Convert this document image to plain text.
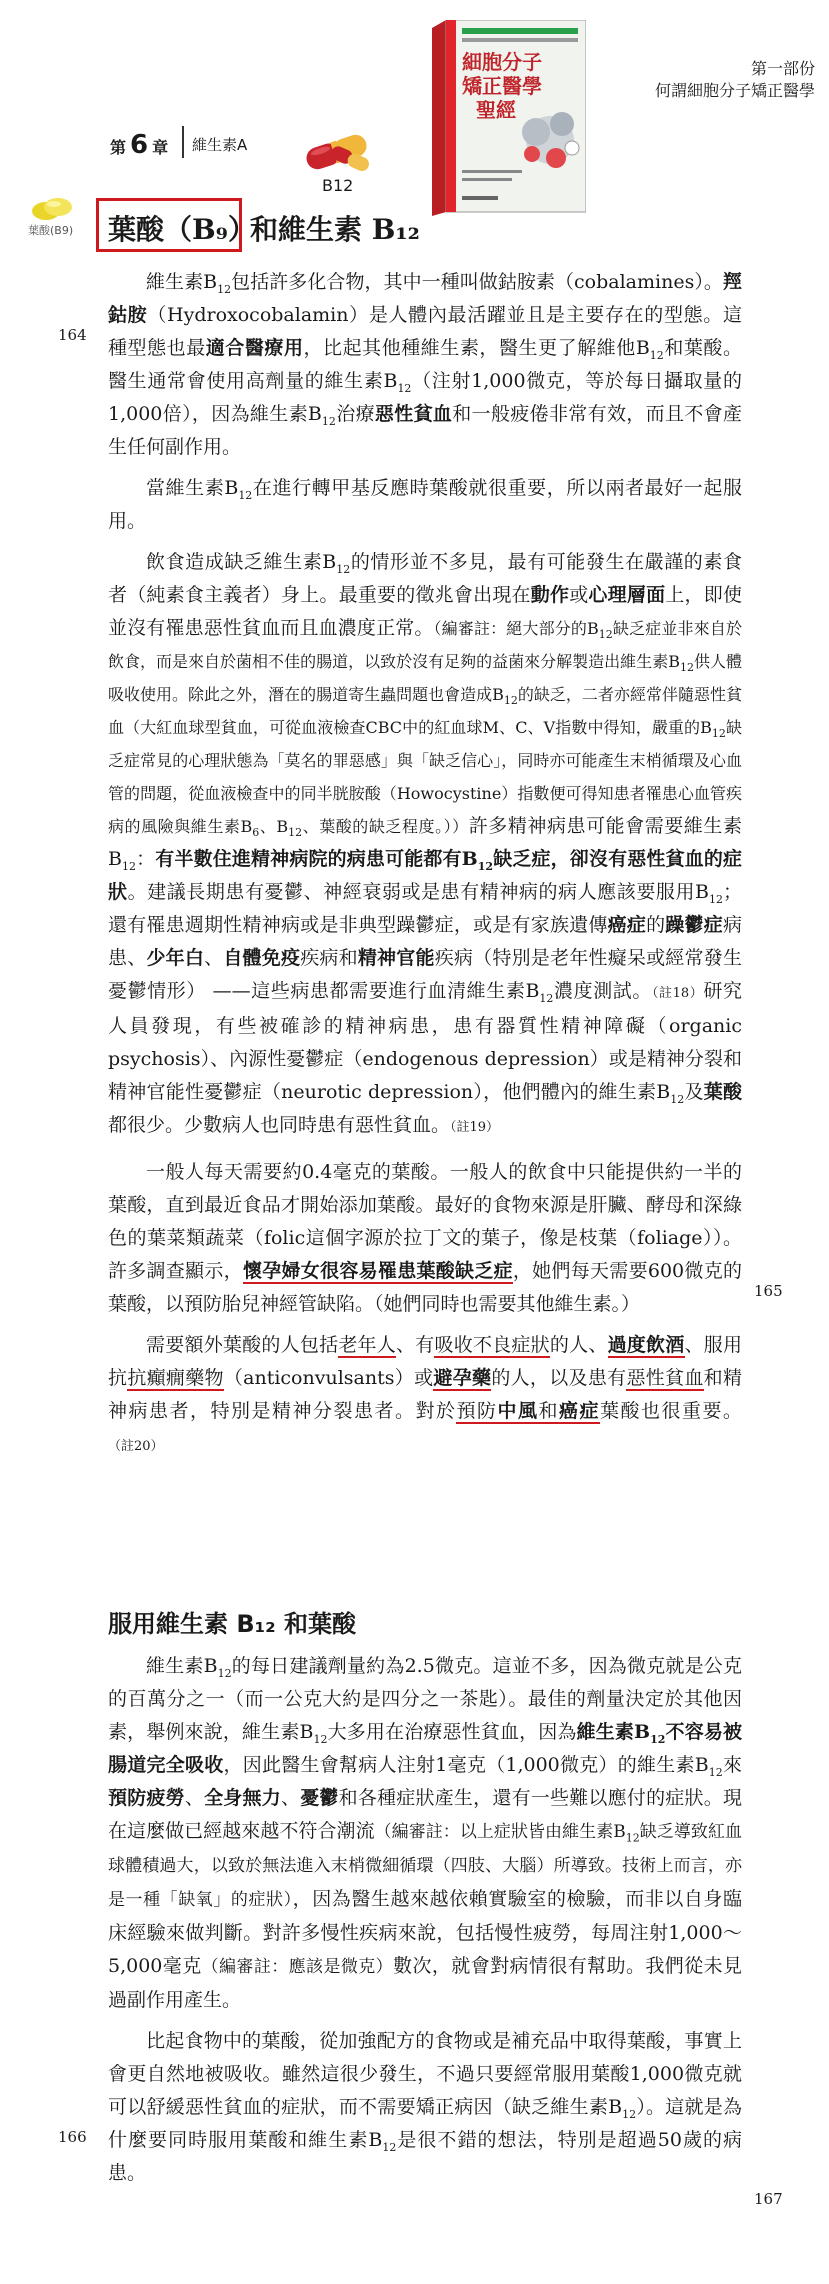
第 6 章 維生素A
第一部份
何謂細胞分子矯正醫學
B12
葉酸(B9)
細胞分子
矯正醫學
聖經
葉酸（B₉）
和維生素 B₁₂
164
165
166
167

維生素$B_{12}$包括許多化合物，其中一種叫做鈷胺素（cobalamines）。羥鈷胺（Hydroxocobalamin）是人體內最活躍並且是主要存在的型態。這種型態也最適合醫療用，比起其他種維生素，醫生更了解維他$B_{12}$和葉酸。 醫生通常會使用高劑量的維生素$B_{12}$（注射1,000微克，等於每日攝取量的1,000倍），因為維生素$B_{12}$治療惡性貧血和一般疲倦非常有效，而且不會產生任何副作用。

當維生素$B_{12}$在進行轉甲基反應時葉酸就很重要，所以兩者最好一起服用。

飲食造成缺乏維生素$B_{12}$的情形並不多見，最有可能發生在嚴謹的素食者（純素食主義者）身上。最重要的徵兆會出現在動作或心理層面上，即使並沒有罹患惡性貧血而且血濃度正常。（編審註：絕大部分的$B_{12}$缺乏症並非來自於飲食，而是來自於菌相不佳的腸道，以致於沒有足夠的益菌來分解製造出維生素$B_{12}$供人體吸收使用。除此之外，潛在的腸道寄生蟲問題也會造成$B_{12}$的缺乏，二者亦經常伴隨惡性貧血（大紅血球型貧血，可從血液檢查CBC中的紅血球M、C、V指數中得知，嚴重的$B_{12}$缺乏症常見的心理狀態為「莫名的罪惡感」與「缺乏信心」，同時亦可能產生末梢循環及心血管的問題，從血液檢查中的同半胱胺酸（Howocystine）指數便可得知患者罹患心血管疾病的風險與維生素$B_6$、$B_{12}$、葉酸的缺乏程度。））許多精神病患可能會需要維生素$B_{12}$：有半數住進精神病院的病患可能都有$B_{12}$缺乏症，卻沒有惡性貧血的症狀。建議長期患有憂鬱、神經衰弱或是患有精神病的病人應該要服用$B_{12}$；還有罹患週期性精神病或是非典型躁鬱症，或是有家族遺傳癌症的躁鬱症病患、少年白、自體免疫疾病和精神官能疾病（特別是老年性癡呆或經常發生憂鬱情形） ——這些病患都需要進行血清維生素$B_{12}$濃度測試。（註18）研究人員發現，有些被確診的精神病患，患有器質性精神障礙（organic psychosis）、內源性憂鬱症（endogenous depression）或是精神分裂和精神官能性憂鬱症（neurotic depression），他們體內的維生素$B_{12}$及葉酸都很少。少數病人也同時患有惡性貧血。（註19）

一般人每天需要約0.4毫克的葉酸。一般人的飲食中只能提供約一半的葉酸，直到最近食品才開始添加葉酸。最好的食物來源是肝臟、酵母和深綠色的葉菜類蔬菜（folic這個字源於拉丁文的葉子，像是枝葉（foliage））。許多調查顯示，懷孕婦女很容易罹患葉酸缺乏症，她們每天需要600微克的葉酸，以預防胎兒神經管缺陷。（她們同時也需要其他維生素。）

需要額外葉酸的人包括老年人、有吸收不良症狀的人、過度飲酒、服用抗抗癲癇藥物（anticonvulsants）或避孕藥的人，以及患有惡性貧血和精神病患者，特別是精神分裂患者。對於預防中風和癌症葉酸也很重要。（註20）

服用維生素 B₁₂ 和葉酸

維生素$B_{12}$的每日建議劑量約為2.5微克。這並不多，因為微克就是公克的百萬分之一（而一公克大約是四分之一茶匙）。最佳的劑量決定於其他因素，舉例來說，維生素$B_{12}$大多用在治療惡性貧血，因為維生素$B_{12}$不容易被腸道完全吸收，因此醫生會幫病人注射1毫克（1,000微克）的維生素$B_{12}$來預防疲勞、全身無力、憂鬱和各種症狀產生，還有一些難以應付的症狀。現在這麼做已經越來越不符合潮流（編審註：以上症狀皆由維生素$B_{12}$缺乏導致紅血球體積過大，以致於無法進入末梢微細循環（四肢、大腦）所導致。技術上而言，亦是一種「缺氧」的症狀），因為醫生越來越依賴實驗室的檢驗，而非以自身臨床經驗來做判斷。對許多慢性疾病來說，包括慢性疲勞，每周注射1,000～5,000毫克（編審註：應該是微克）數次，就會對病情很有幫助。我們從未見過副作用產生。

比起食物中的葉酸，從加強配方的食物或是補充品中取得葉酸，事實上會更自然地被吸收。雖然這很少發生，不過只要經常服用葉酸1,000微克就可以舒緩惡性貧血的症狀，而不需要矯正病因（缺乏維生素$B_{12}$）。這就是為什麼要同時服用葉酸和維生素$B_{12}$是很不錯的想法，特別是超過50歲的病患。
